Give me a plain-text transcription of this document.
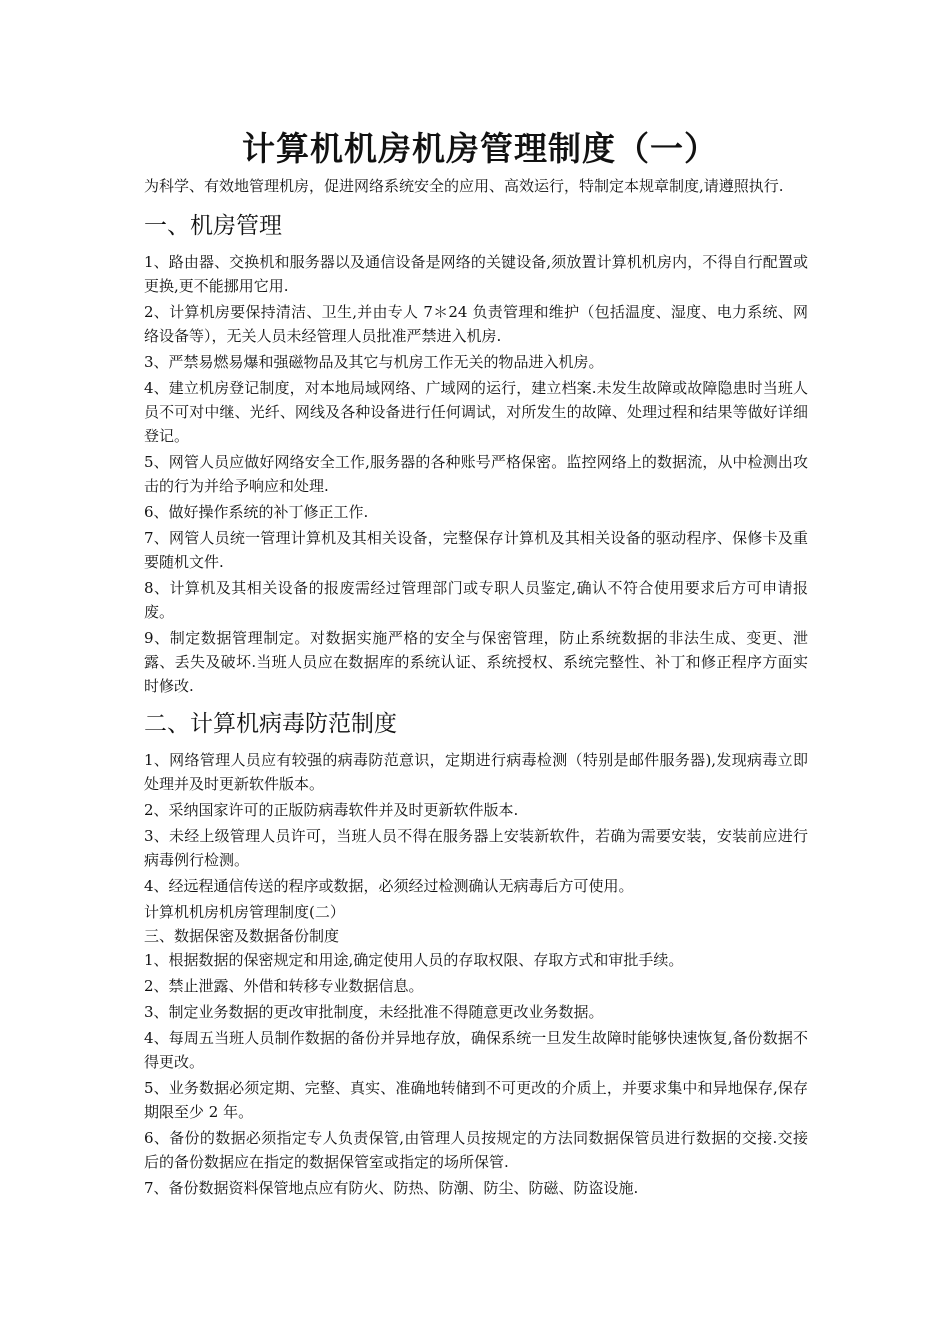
计算机机房机房管理制度（一）

为科学、有效地管理机房，促进网络系统安全的应用、高效运行，特制定本规章制度,请遵照执行.

一、机房管理

1、路由器、交换机和服务器以及通信设备是网络的关键设备,须放置计算机机房内，不得自行配置或更换,更不能挪用它用.

2、计算机房要保持清洁、卫生,并由专人 7＊24 负责管理和维护（包括温度、湿度、电力系统、网络设备等），无关人员未经管理人员批准严禁进入机房.

3、严禁易燃易爆和强磁物品及其它与机房工作无关的物品进入机房。

4、建立机房登记制度，对本地局域网络、广域网的运行，建立档案.未发生故障或故障隐患时当班人员不可对中继、光纤、网线及各种设备进行任何调试，对所发生的故障、处理过程和结果等做好详细登记。

5、网管人员应做好网络安全工作,服务器的各种账号严格保密。监控网络上的数据流，从中检测出攻击的行为并给予响应和处理.

6、做好操作系统的补丁修正工作.

7、网管人员统一管理计算机及其相关设备，完整保存计算机及其相关设备的驱动程序、保修卡及重要随机文件.

8、计算机及其相关设备的报废需经过管理部门或专职人员鉴定,确认不符合使用要求后方可申请报废。

9、制定数据管理制定。对数据实施严格的安全与保密管理，防止系统数据的非法生成、变更、泄露、丢失及破坏.当班人员应在数据库的系统认证、系统授权、系统完整性、补丁和修正程序方面实时修改.

二、计算机病毒防范制度

1、网络管理人员应有较强的病毒防范意识，定期进行病毒检测（特别是邮件服务器),发现病毒立即处理并及时更新软件版本。

2、采纳国家许可的正版防病毒软件并及时更新软件版本.

3、未经上级管理人员许可，当班人员不得在服务器上安装新软件，若确为需要安装，安装前应进行病毒例行检测。

4、经远程通信传送的程序或数据，必须经过检测确认无病毒后方可使用。

计算机机房机房管理制度(二）

三、数据保密及数据备份制度

1、根据数据的保密规定和用途,确定使用人员的存取权限、存取方式和审批手续。

2、禁止泄露、外借和转移专业数据信息。

3、制定业务数据的更改审批制度，未经批准不得随意更改业务数据。

4、每周五当班人员制作数据的备份并异地存放，确保系统一旦发生故障时能够快速恢复,备份数据不得更改。

5、业务数据必须定期、完整、真实、准确地转储到不可更改的介质上，并要求集中和异地保存,保存期限至少 2 年。

6、备份的数据必须指定专人负责保管,由管理人员按规定的方法同数据保管员进行数据的交接.交接后的备份数据应在指定的数据保管室或指定的场所保管.

7、备份数据资料保管地点应有防火、防热、防潮、防尘、防磁、防盗设施.
